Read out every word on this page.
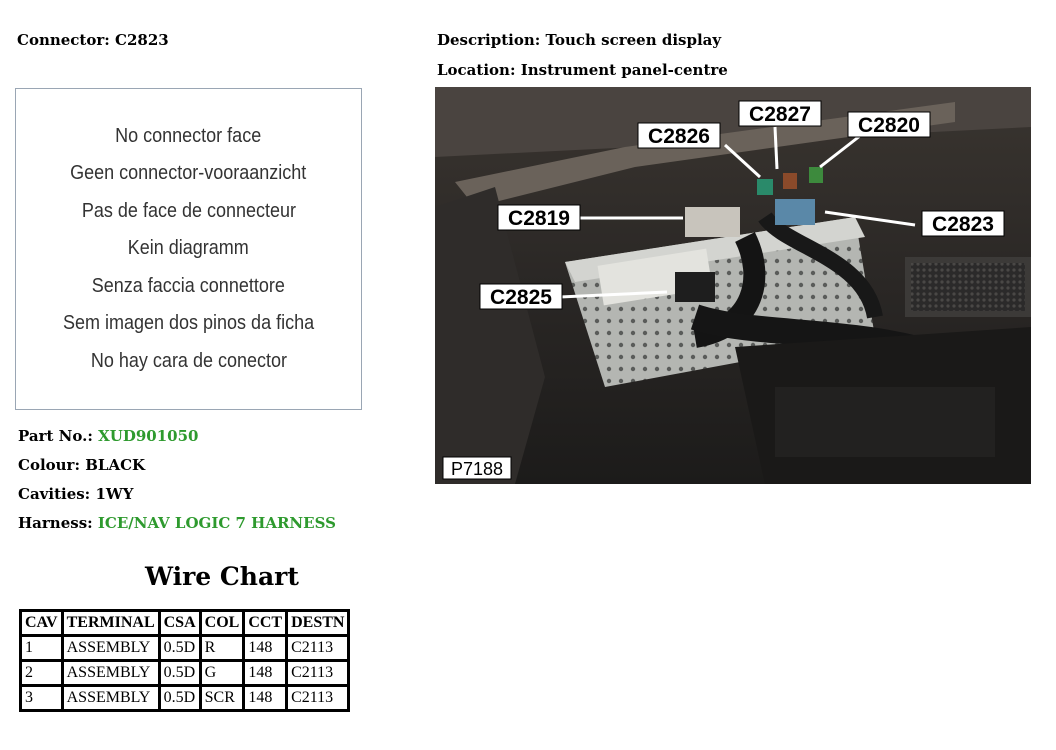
Connector: C2823	Description: Touch screen display
Location: Instrument panel-centre
No connector face
Geen connector-vooraanzicht
Pas de face de connecteur
Kein diagramm
Senza faccia connettore
Sem imagen dos pinos da ficha
No hay cara de conector
Part No.: XUD901050
Colour: BLACK
Cavities: 1WY
Harness: ICE/NAV LOGIC 7 HARNESS
Wire Chart
CAV	TERMINAL	CSA	COL	CCT	DESTN
1	ASSEMBLY	0.5D	R	148	C2113
2	ASSEMBLY	0.5D	G	148	C2113
3	ASSEMBLY	0.5D	SCR	148	C2113
C2827
C2826	C2820
C2819	C2823
C2825
P7188
